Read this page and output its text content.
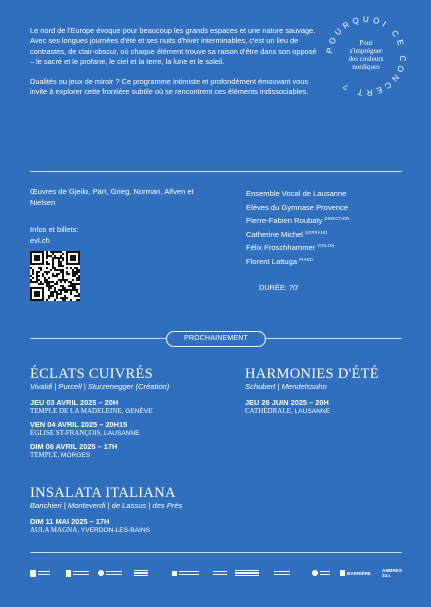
Le nord de l'Europe évoque pour beaucoup les grands espaces et une nature sauvage. Avec ses longues journées d'été et ses nuits d'hiver interminables, c'est un lieu de contrastes, de clair-obscur, où chaque élément trouve sa raison d'être dans son opposé – le sacré et le profane, le ciel et la terre, la lune et le soleil.

Dualités ou jeux de miroir ? Ce programme intimiste et profondément émouvant vous invite à explorer cette frontière subtile où se rencontrent ces éléments indissociables.

POURQUOI CE CONCERT ?
Pour
s'imprégner
des couleurs
nordiques
Œuvres de Gjeilo, Pärt, Grieg, Norman, Alfven et Nielsen
Infos et billets:
evl.ch
Ensemble Vocal de Lausanne
Elèves du Gymnase Provence
Pierre-Fabien Roubaty $^{DIRECTION}$
Catherine Michel $^{SOPRANO}$
Félix Froschhammer $^{VIOLON}$
Florent Lattuga $^{PIANO}$
DURÉE: 70'
PROCHAINEMENT
ÉCLATS CUIVRÉS
Vivaldi | Purcell | Sturzenegger (Création)
JEU 03 AVRIL 2025 – 20H
TEMPLE DE LA MADELEINE, GENÈVE
VEN 04 AVRIL 2025 – 20H15
ÉGLISE ST-FRANÇOIS, LAUSANNE
DIM 06 AVRIL 2025 – 17H
TEMPLE, MORGES
HARMONIES D'ÉTÉ
Schubert | Mendelssohn
JEU 26 JUIN 2025 – 20H
CATHÉDRALE, LAUSANNE
INSALATA ITALIANA
Banchieri | Monteverdi | de Lassus | des Prés
DIM 11 MAI 2025 – 17H
AULA MAGNA, YVERDON-LES-BAINS
BARRIÈRE AMBRES 24.I.
